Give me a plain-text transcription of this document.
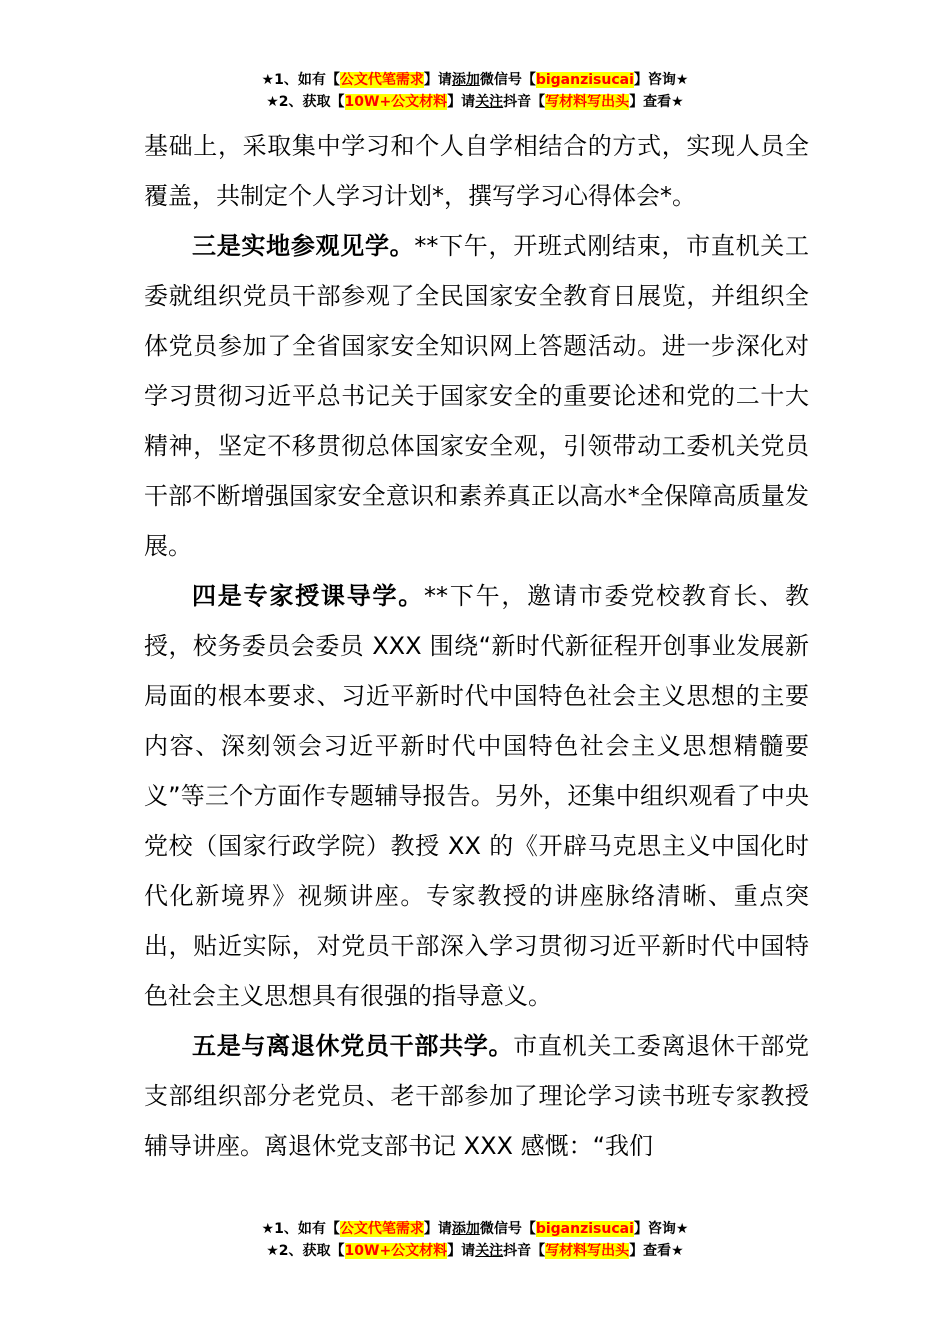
★1、如有【公文代笔需求】请添加微信号【biganzisucai】咨询★
★2、获取【10W+公文材料】请关注抖音【写材料写出头】查看★

基础上，采取集中学习和个人自学相结合的方式，实现人员全覆盖，共制定个人学习计划*，撰写学习心得体会*。

三是实地参观见学。**下午，开班式刚结束，市直机关工委就组织党员干部参观了全民国家安全教育日展览，并组织全体党员参加了全省国家安全知识网上答题活动。进一步深化对学习贯彻习近平总书记关于国家安全的重要论述和党的二十大精神，坚定不移贯彻总体国家安全观，引领带动工委机关党员干部不断增强国家安全意识和素养真正以高水*全保障高质量发展。

四是专家授课导学。**下午，邀请市委党校教育长、教授，校务委员会委员 XXX 围绕“新时代新征程开创事业发展新局面的根本要求、习近平新时代中国特色社会主义思想的主要内容、深刻领会习近平新时代中国特色社会主义思想精髓要义”等三个方面作专题辅导报告。另外，还集中组织观看了中央党校（国家行政学院）教授 XX 的《开辟马克思主义中国化时代化新境界》视频讲座。专家教授的讲座脉络清晰、重点突出，贴近实际，对党员干部深入学习贯彻习近平新时代中国特色社会主义思想具有很强的指导意义。

五是与离退休党员干部共学。市直机关工委离退休干部党支部组织部分老党员、老干部参加了理论学习读书班专家教授辅导讲座。离退休党支部书记 XXX 感慨：“我们

★1、如有【公文代笔需求】请添加微信号【biganzisucai】咨询★
★2、获取【10W+公文材料】请关注抖音【写材料写出头】查看★
